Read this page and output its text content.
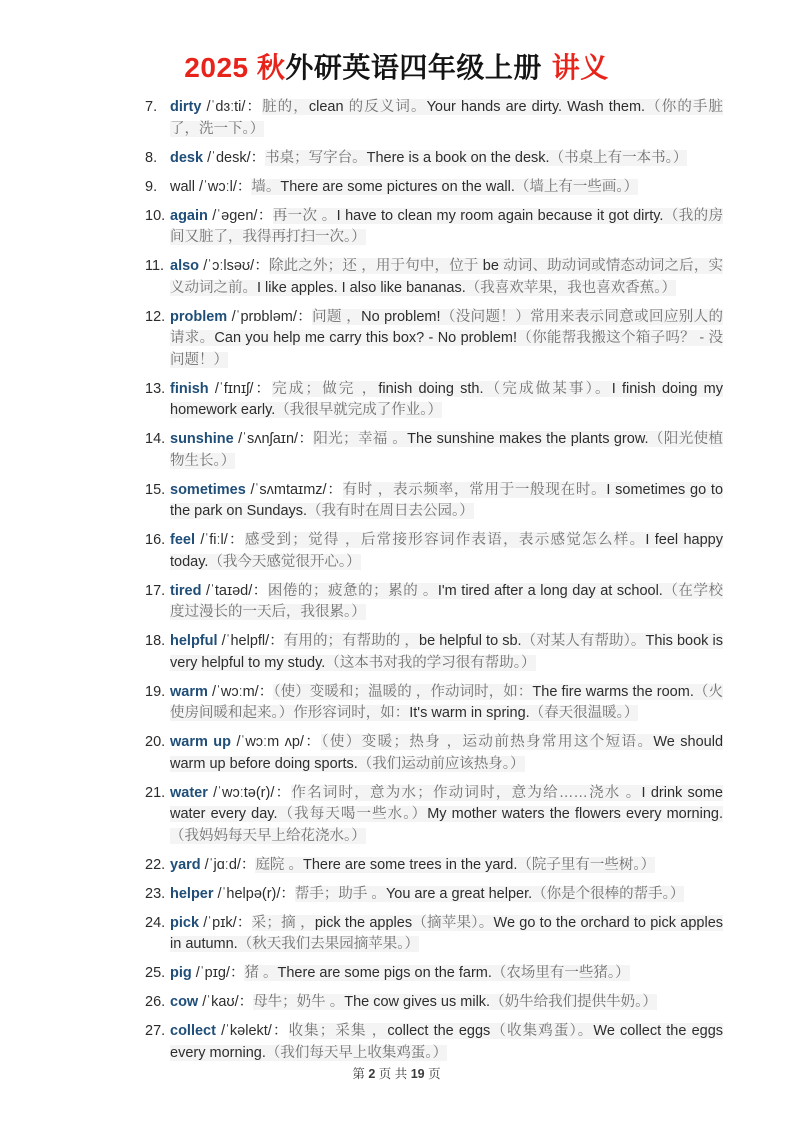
2025 秋外研英语四年级上册 讲义
7. dirty /ˈdɜːti/：脏的，clean 的反义词。Your hands are dirty. Wash them.（你的手脏了，洗一下。）
8. desk /ˈdesk/：书桌；写字台。There is a book on the desk.（书桌上有一本书。）
9. wall /ˈwɔːl/：墙。There are some pictures on the wall.（墙上有一些画。）
10. again /ˈəgen/：再一次 。I have to clean my room again because it got dirty.（我的房间又脏了，我得再打扫一次。）
11. also /ˈɔːlsəʊ/：除此之外；还 ，用于句中，位于 be 动词、助动词或情态动词之后，实义动词之前。I like apples. I also like bananas.（我喜欢苹果，我也喜欢香蕉。）
12. problem /ˈprɒbləm/：问题 ，No problem!（没问题！）常用来表示同意或回应别人的请求。Can you help me carry this box? - No problem!（你能帮我搬这个箱子吗？ - 没问题！）
13. finish /ˈfɪnɪʃ/：完成；做完 ，finish doing sth.（完成做某事）。I finish doing my homework early.（我很早就完成了作业。）
14. sunshine /ˈsʌnʃaɪn/：阳光；幸福 。The sunshine makes the plants grow.（阳光使植物生长。）
15. sometimes /ˈsʌmtaɪmz/：有时 ，表示频率，常用于一般现在时。I sometimes go to the park on Sundays.（我有时在周日去公园。）
16. feel /ˈfiːl/：感受到；觉得 ，后常接形容词作表语，表示感觉怎么样。I feel happy today.（我今天感觉很开心。）
17. tired /ˈtaɪəd/：困倦的；疲惫的；累的 。I'm tired after a long day at school.（在学校度过漫长的一天后，我很累。）
18. helpful /ˈhelpfl/：有用的；有帮助的 ，be helpful to sb.（对某人有帮助）。This book is very helpful to my study.（这本书对我的学习很有帮助。）
19. warm /ˈwɔːm/：（使）变暖和；温暖的 ，作动词时，如：The fire warms the room.（火使房间暖和起来。）作形容词时，如：It's warm in spring.（春天很温暖。）
20. warm up /ˈwɔːm ʌp/：（使）变暖；热身 ，运动前热身常用这个短语。We should warm up before doing sports.（我们运动前应该热身。）
21. water /ˈwɔːtə(r)/：作名词时，意为水；作动词时，意为给……浇水 。I drink some water every day.（我每天喝一些水。）My mother waters the flowers every morning.（我妈妈每天早上给花浇水。）
22. yard /ˈjɑːd/：庭院 。There are some trees in the yard.（院子里有一些树。）
23. helper /ˈhelpə(r)/：帮手；助手 。You are a great helper.（你是个很棒的帮手。）
24. pick /ˈpɪk/：采；摘 ，pick the apples（摘苹果）。We go to the orchard to pick apples in autumn.（秋天我们去果园摘苹果。）
25. pig /ˈpɪg/：猪 。There are some pigs on the farm.（农场里有一些猪。）
26. cow /ˈkaʊ/：母牛；奶牛 。The cow gives us milk.（奶牛给我们提供牛奶。）
27. collect /ˈkəlekt/：收集；采集 ，collect the eggs（收集鸡蛋）。We collect the eggs every morning.（我们每天早上收集鸡蛋。）
第 2 页 共 19 页
